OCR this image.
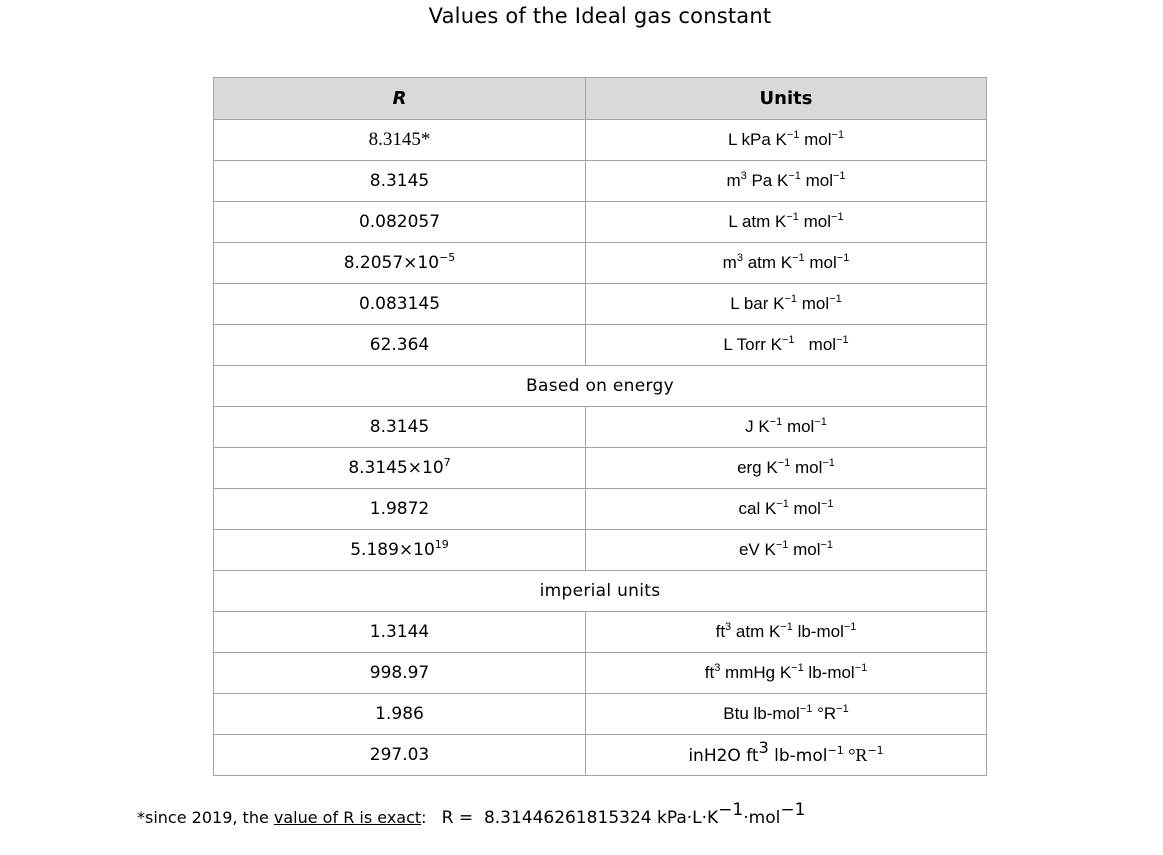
Values of the Ideal gas constant
R	Units
8.3145*	L kPa $K^{-1}$ mol$^{-1}$
8.3145	$m^3$ Pa $K^{-1}$ mol$^{-1}$
0.082057	L atm $K^{-1}$ mol$^{-1}$
$8.2057\times 10^{-5}$	$m^3$ atm $K^{-1}$ mol$^{-1}$
0.083145	L bar $K^{-1}$ mol$^{-1}$
62.364	L Torr $K^{-1}$   mol$^{-1}$
Based on energy	
8.3145	J $K^{-1}$ mol$^{-1}$
$8.3145\times 10^7$	erg $K^{-1}$ mol$^{-1}$
1.9872	cal $K^{-1}$ mol$^{-1}$
$5.189\times 10^{19}$	eV $K^{-1}$ mol$^{-1}$
imperial units	
1.3144	$ft^3$ atm $K^{-1}$ lb-mol$^{-1}$
998.97	$ft^3$ mmHg $K^{-1}$ lb-mol$^{-1}$
1.986	Btu lb-mol$^{-1}$ $^\circ R^{-1}$
297.03	inH2O $ft^3$ lb-mol$^{-1}$ $^\circ R^{-1}$
*since 2019, the value of R is exact: R = 8.31446261815324 $kPa\cdot L\cdot K^{-1}\cdot mol^{-1}$
